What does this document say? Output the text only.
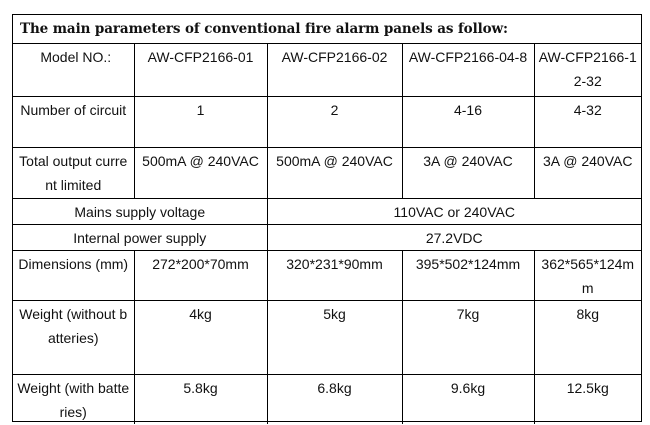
The main parameters of conventional fire alarm panels as follow:
Model NO.:	AW-CFP2166-01	AW-CFP2166-02	AW-CFP2166-04-8	AW-CFP2166-12-32
Number of circuit	1	2	4-16	4-32
Total output current limited	500mA @ 240VAC	500mA @ 240VAC	3A @ 240VAC	3A @ 240VAC
Mains supply voltage		110VAC or 240VAC		
Internal power supply		27.2VDC		
Dimensions (mm)	272*200*70mm	320*231*90mm	395*502*124mm	362*565*124mm
Weight (without batteries)	4kg	5kg	7kg	8kg
Weight (with batteries)	5.8kg	6.8kg	9.6kg	12.5kg
